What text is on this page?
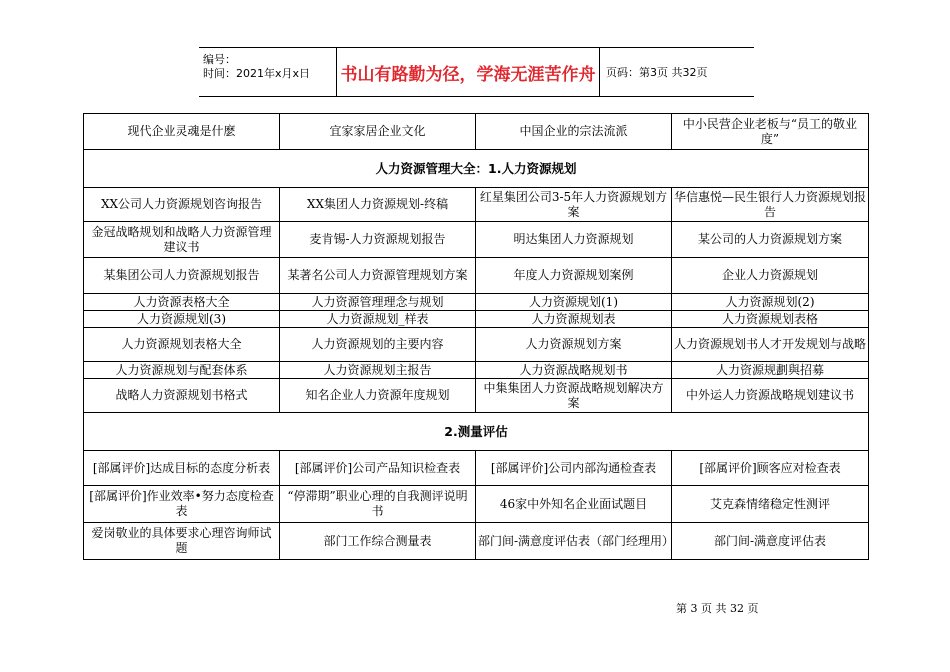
编号：
时间：2021年x月x日	书山有路勤为径，学海无涯苦作舟 页码：第3页 共32页
现代企业灵魂是什麽	宜家家居企业文化	中国企业的宗法流派	中小民营企业老板与“员工的敬业度”
人力资源管理大全：1.人力资源规划			
XX公司人力资源规划咨询报告	XX集团人力资源规划-终稿	红星集团公司3-5年人力资源规划方案	华信惠悦—民生银行人力资源规划报告
金冠战略规划和战略人力资源管理建议书	麦肯锡-人力资源规划报告	明达集团人力资源规划	某公司的人力资源规划方案
某集团公司人力资源规划报告	某著名公司人力资源管理规划方案	年度人力资源规划案例	企业人力资源规划
人力资源表格大全	人力资源管理理念与规划	人力资源规划(1)	人力资源规划(2)
人力资源规划(3)	人力资源规划_样表	人力资源规划表	人力资源规划表格
人力资源规划表格大全	人力资源规划的主要内容	人力资源规划方案	人力资源规划书人才开发规划与战略
人力资源规划与配套体系	人力资源规划主报告	人力资源战略规划书	人力资源规劃與招募
战略人力资源规划书格式	知名企业人力资源年度规划	中集集团人力资源战略规划解决方案	中外运人力资源战略规划建议书
2.测量评估			
[部属评价]达成目标的态度分析表	[部属评价]公司产品知识检查表	[部属评价]公司内部沟通检查表	[部属评价]顾客应对检查表
[部属评价]作业效率•努力态度检查表	“停滞期”职业心理的自我测评说明书	46家中外知名企业面试题目	艾克森情绪稳定性测评
爱岗敬业的具体要求心理咨询师试题	部门工作综合测量表	部门间-满意度评估表（部门经理用）	部门间-满意度评估表
第 3 页 共 32 页
